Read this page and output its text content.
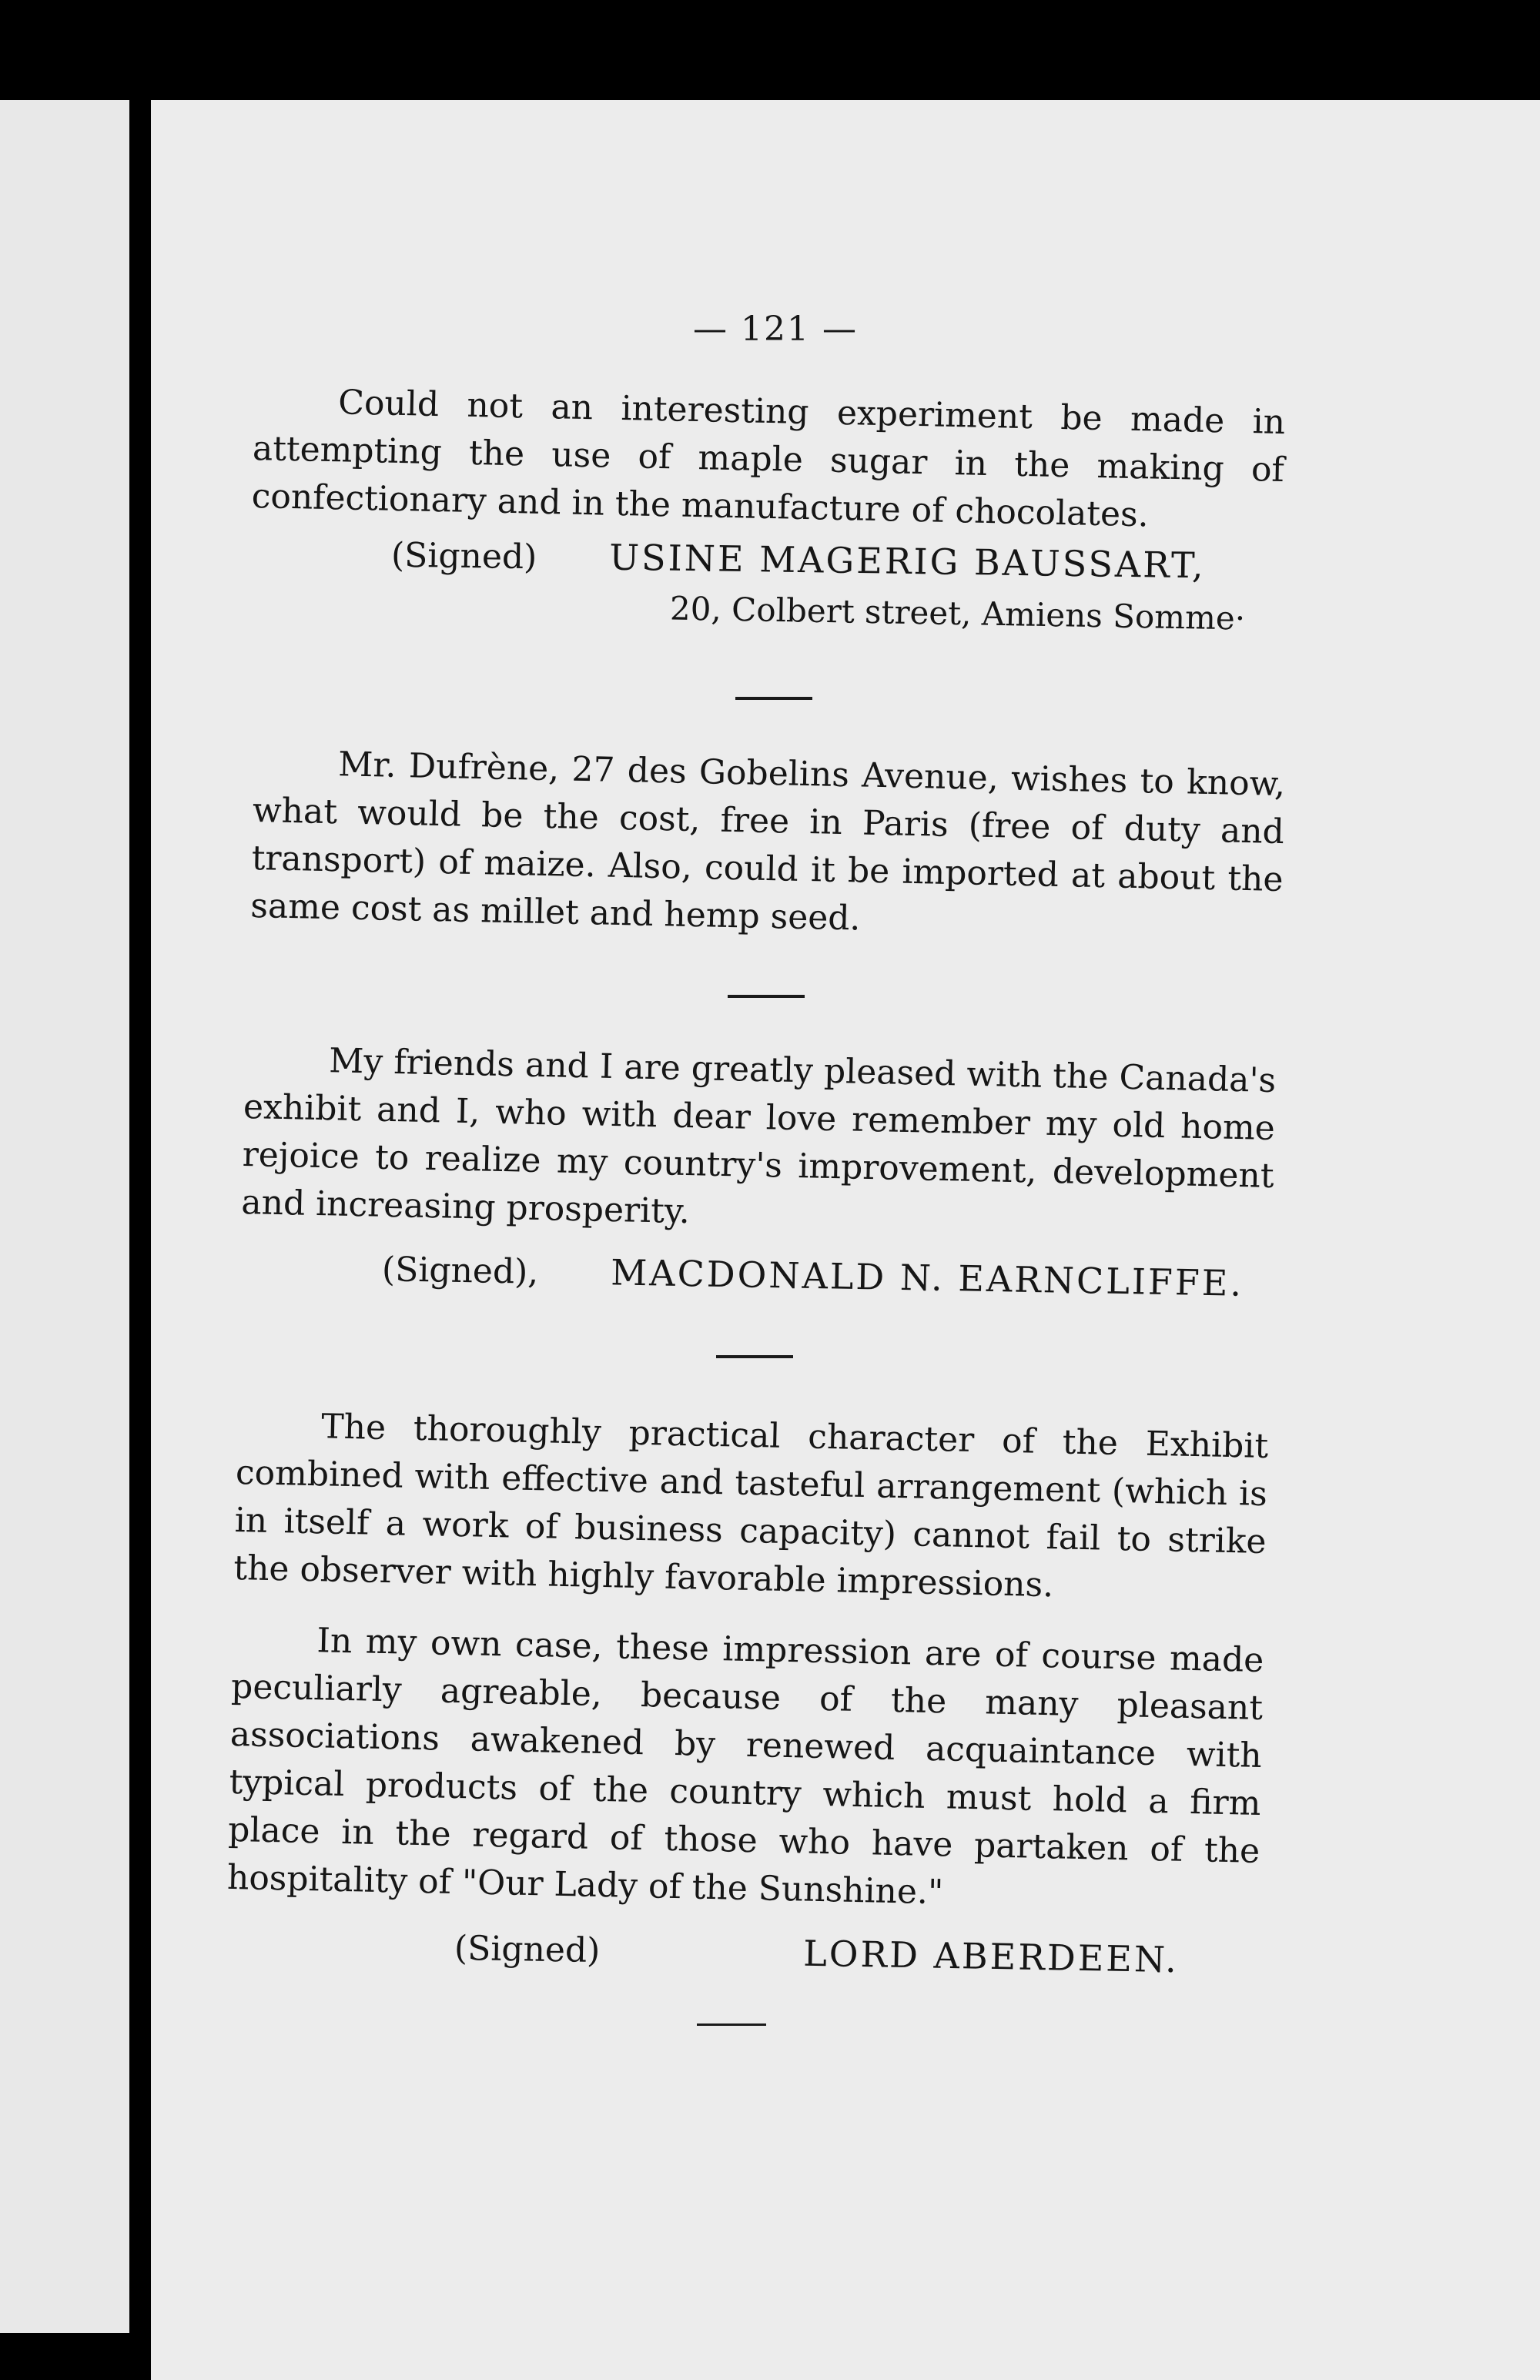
— 121 —

Could not an interesting experiment be made in attempting the use of maple sugar in the making of confectionary and in the manufacture of chocolates.

(Signed) USINE MAGERIG BAUSSART,
20, Colbert street, Amiens Somme·

Mr. Dufrène, 27 des Gobelins Avenue, wishes to know, what would be the cost, free in Paris (free of duty and transport) of maize. Also, could it be imported at about the same cost as millet and hemp seed.

My friends and I are greatly pleased with the Canada's exhibit and I, who with dear love remember my old home rejoice to realize my country's improvement, development and increasing prosperity.

(Signed), MACDONALD N. EARNCLIFFE.

The thoroughly practical character of the Exhibit combined with effective and tasteful arrangement (which is in itself a work of business capacity) cannot fail to strike the observer with highly favorable impressions.

In my own case, these impression are of course made peculiarly agreable, because of the many pleasant associations awakened by renewed acquaintance with typical products of the country which must hold a firm place in the regard of those who have partaken of the hospitality of "Our Lady of the Sunshine."

(Signed)	LORD ABERDEEN.
